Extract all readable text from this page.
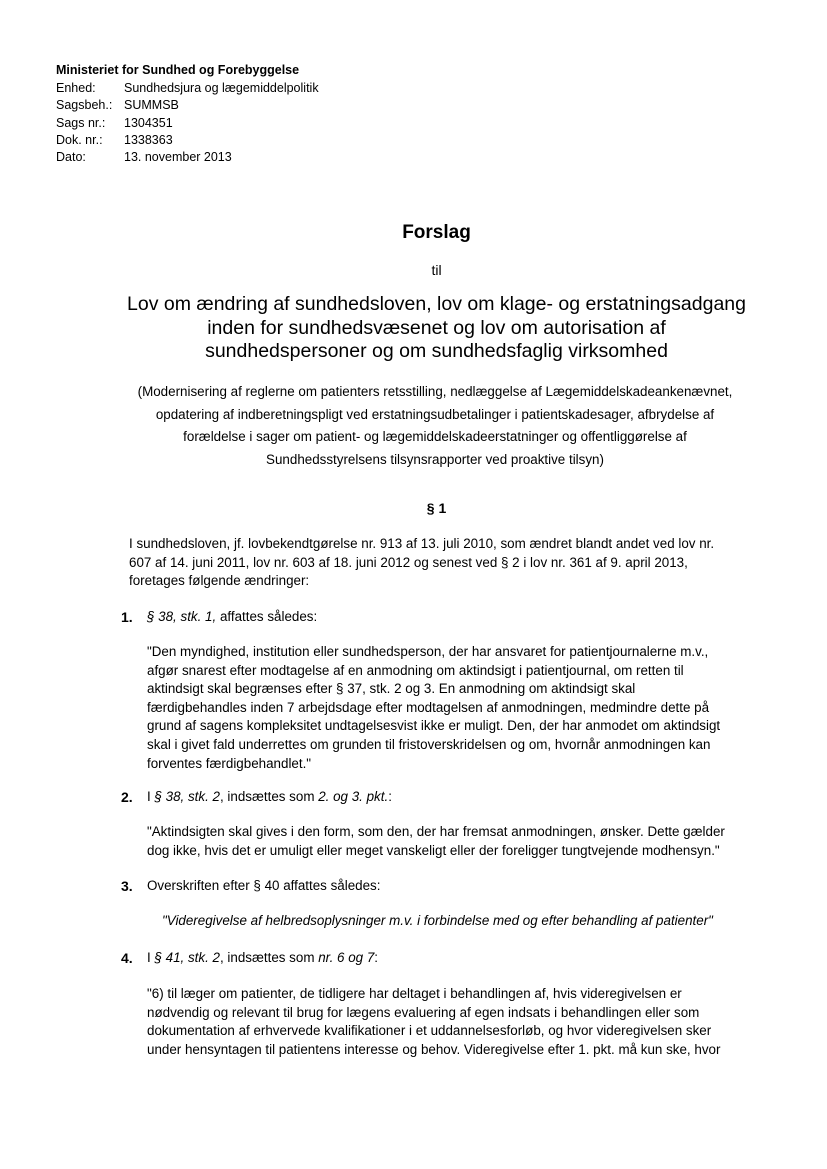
Ministeriet for Sundhed og Forebyggelse
Enhed:	Sundhedsjura og lægemiddelpolitik
Sagsbeh.: SUMMSB
Sags nr.:	1304351
Dok. nr.:	1338363
Dato:	13. november 2013
Forslag
til
Lov om ændring af sundhedsloven, lov om klage- og erstatningsadgang
inden for sundhedsvæsenet og lov om autorisation af
sundhedspersoner og om sundhedsfaglig virksomhed
(Modernisering af reglerne om patienters retsstilling, nedlæggelse af Lægemiddelskadeankenævnet,
opdatering af indberetningspligt ved erstatningsudbetalinger i patientskadesager, afbrydelse af
forældelse i sager om patient- og lægemiddelskadeerstatninger og offentliggørelse af
Sundhedsstyrelsens tilsynsrapporter ved proaktive tilsyn)
§ 1
I sundhedsloven, jf. lovbekendtgørelse nr. 913 af 13. juli 2010, som ændret blandt andet ved lov nr.
607 af 14. juni 2011, lov nr. 603 af 18. juni 2012 og senest ved § 2 i lov nr. 361 af 9. april 2013,
foretages følgende ændringer:
1.	§ 38, stk. 1, affattes således:
"Den myndighed, institution eller sundhedsperson, der har ansvaret for patientjournalerne m.v.,
afgør snarest efter modtagelse af en anmodning om aktindsigt i patientjournal, om retten til
aktindsigt skal begrænses efter § 37, stk. 2 og 3. En anmodning om aktindsigt skal
færdigbehandles inden 7 arbejdsdage efter modtagelsen af anmodningen, medmindre dette på
grund af sagens kompleksitet undtagelsesvist ikke er muligt. Den, der har anmodet om aktindsigt
skal i givet fald underrettes om grunden til fristoverskridelsen og om, hvornår anmodningen kan
forventes færdigbehandlet."
2.	I § 38, stk. 2, indsættes som 2. og 3. pkt.:
"Aktindsigten skal gives i den form, som den, der har fremsat anmodningen, ønsker. Dette gælder
dog ikke, hvis det er umuligt eller meget vanskeligt eller der foreligger tungtvejende modhensyn."
3.	Overskriften efter § 40 affattes således:
"Videregivelse af helbredsoplysninger m.v. i forbindelse med og efter behandling af patienter"
4.	I § 41, stk. 2, indsættes som nr. 6 og 7:
"6) til læger om patienter, de tidligere har deltaget i behandlingen af, hvis videregivelsen er
nødvendig og relevant til brug for lægens evaluering af egen indsats i behandlingen eller som
dokumentation af erhvervede kvalifikationer i et uddannelsesforløb, og hvor videregivelsen sker
under hensyntagen til patientens interesse og behov. Videregivelse efter 1. pkt. må kun ske, hvor
